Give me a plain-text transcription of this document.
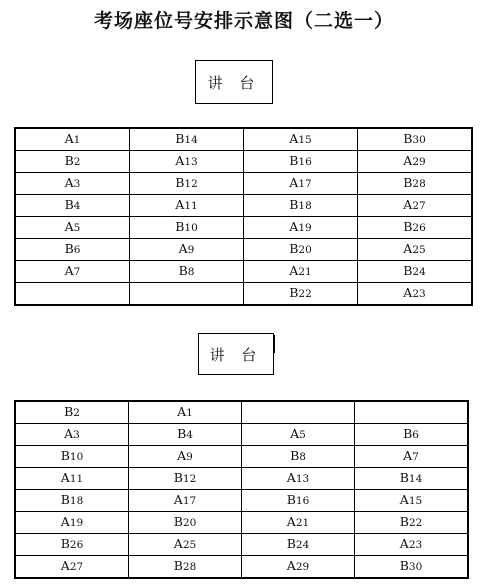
考场座位号安排示意图（二选一）
讲 台
A1	B14	A15	B30
B2	A13	B16	A29
A3	B12	A17	B28
B4	A11	B18	A27
A5	B10	A19	B26
B6	A9	B20	A25
A7	B8	A21	B24
		B22	A23
讲 台
B2	A1		
A3	B4	A5	B6
B10	A9	B8	A7
A11	B12	A13	B14
B18	A17	B16	A15
A19	B20	A21	B22
B26	A25	B24	A23
A27	B28	A29	B30
